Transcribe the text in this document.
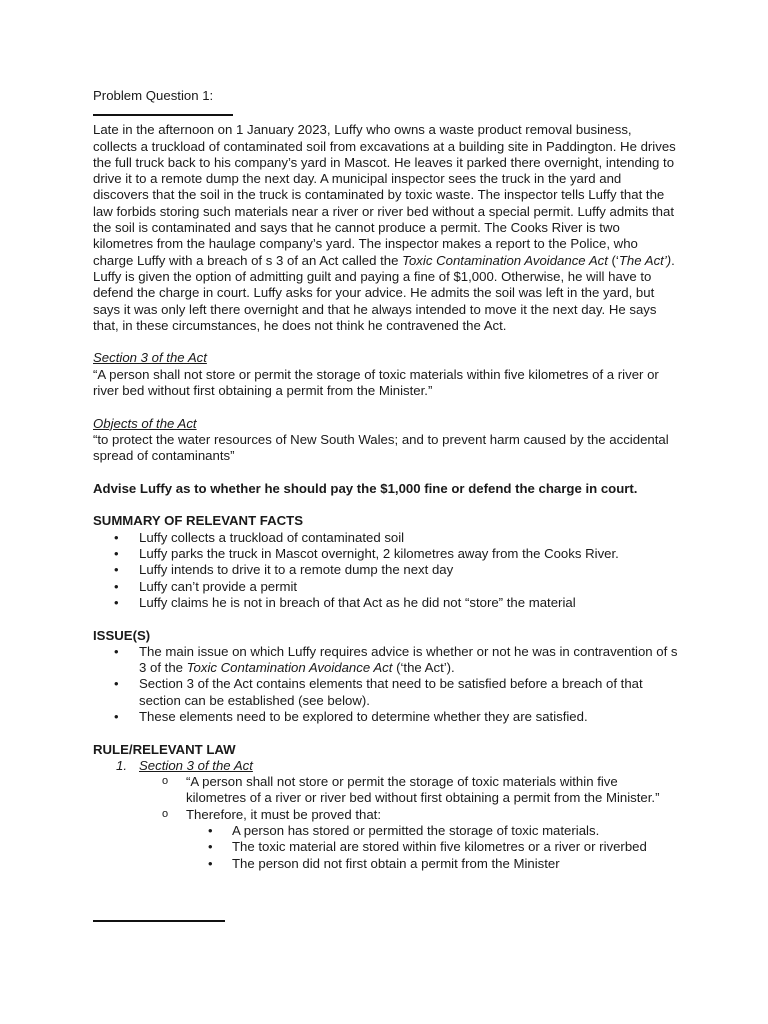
Problem Question 1:

Late in the afternoon on 1 January 2023, Luffy who owns a waste product removal business, collects a truckload of contaminated soil from excavations at a building site in Paddington. He drives the full truck back to his company’s yard in Mascot. He leaves it parked there overnight, intending to drive it to a remote dump the next day. A municipal inspector sees the truck in the yard and discovers that the soil in the truck is contaminated by toxic waste. The inspector tells Luffy that the law forbids storing such materials near a river or river bed without a special permit. Luffy admits that the soil is contaminated and says that he cannot produce a permit. The Cooks River is two kilometres from the haulage company’s yard. The inspector makes a report to the Police, who charge Luffy with a breach of s 3 of an Act called the Toxic Contamination Avoidance Act (‘The Act’). Luffy is given the option of admitting guilt and paying a fine of $1,000. Otherwise, he will have to defend the charge in court. Luffy asks for your advice. He admits the soil was left in the yard, but says it was only left there overnight and that he always intended to move it the next day. He says that, in these circumstances, he does not think he contravened the Act.

Section 3 of the Act

“A person shall not store or permit the storage of toxic materials within five kilometres of a river or river bed without first obtaining a permit from the Minister.”

Objects of the Act

“to protect the water resources of New South Wales; and to prevent harm caused by the accidental spread of contaminants”

Advise Luffy as to whether he should pay the $1,000 fine or defend the charge in court.

SUMMARY OF RELEVANT FACTS

• Luffy collects a truckload of contaminated soil
• Luffy parks the truck in Mascot overnight, 2 kilometres away from the Cooks River.
• Luffy intends to drive it to a remote dump the next day
• Luffy can’t provide a permit
• Luffy claims he is not in breach of that Act as he did not “store” the material

ISSUE(S)

• The main issue on which Luffy requires advice is whether or not he was in contravention of s 3 of the Toxic Contamination Avoidance Act (‘the Act’).
• Section 3 of the Act contains elements that need to be satisfied before a breach of that section can be established (see below).
• These elements need to be explored to determine whether they are satisfied.

RULE/RELEVANT LAW

1. Section 3 of the Act
o “A person shall not store or permit the storage of toxic materials within five kilometres of a river or river bed without first obtaining a permit from the Minister.”
o Therefore, it must be proved that:
• A person has stored or permitted the storage of toxic materials.
• The toxic material are stored within five kilometres or a river or riverbed
• The person did not first obtain a permit from the Minister
